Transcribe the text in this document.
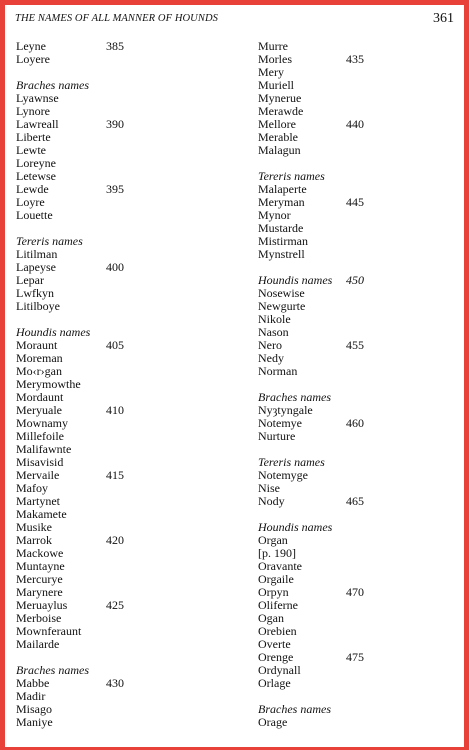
THE NAMES OF ALL MANNER OF HOUNDS	361
Leyne	385
Loyere
Braches names
Lyawnse
Lynore
Lawreall	390
Liberte
Lewte
Loreyne
Letewse
Lewde	395
Loyre
Louette
Tereris names
Litilman
Lapeyse	400
Lepar
Lwfkyn
Litilboye
Houndis names
Moraunt	405
Moreman
Mo‹r›gan
Merymowthe
Mordaunt
Meryuale	410
Mownamy
Millefoile
Malifawnte
Misavisid
Mervaile	415
Mafoy
Martynet
Makamete
Musike
Marrok	420
Mackowe
Muntayne
Mercurye
Marynere
Meruaylus	425
Merboise
Mownferaunt
Mailarde
Braches names
Mabbe	430
Madir
Misago
Maniye
Murre
Morles	435
Mery
Muriell
Mynerue
Merawde
Mellore	440
Merable
Malagun
Tereris names
Malaperte
Meryman	445
Mynor
Mustarde
Mistirman
Mynstrell
Houndis names 450
Nosewise
Newgurte
Nikole
Nason
Nero	455
Nedy
Norman
Braches names
Nyȝtyngale
Notemye	460
Nurture
Tereris names
Notemyge
Nise
Nody	465
Houndis names
Organ
[p. 190]
Oravante
Orgaile
Orpyn	470
Oliferne
Ogan
Orebien
Overte
Orenge	475
Ordynall
Orlage
Braches names
Orage
